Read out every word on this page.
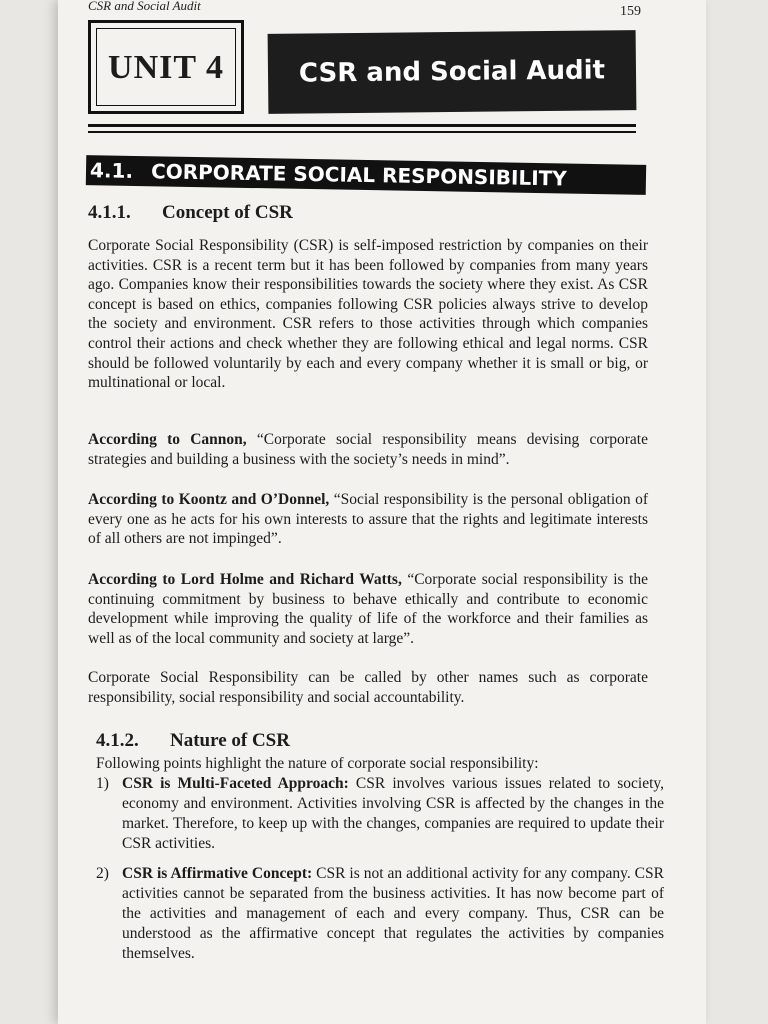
CSR and Social Audit	159
UNIT 4	CSR and Social Audit
4.1. CORPORATE SOCIAL RESPONSIBILITY
4.1.1. Concept of CSR

Corporate Social Responsibility (CSR) is self-imposed restriction by companies on their activities. CSR is a recent term but it has been followed by companies from many years ago. Companies know their responsibilities towards the society where they exist. As CSR concept is based on ethics, companies following CSR policies always strive to develop the society and environment. CSR refers to those activities through which companies control their actions and check whether they are following ethical and legal norms. CSR should be followed voluntarily by each and every company whether it is small or big, or multinational or local.

According to Cannon, “Corporate social responsibility means devising corporate strategies and building a business with the society’s needs in mind”.

According to Koontz and O’Donnel, “Social responsibility is the personal obligation of every one as he acts for his own interests to assure that the rights and legitimate interests of all others are not impinged”.

According to Lord Holme and Richard Watts, “Corporate social responsibility is the continuing commitment by business to behave ethically and contribute to economic development while improving the quality of life of the workforce and their families as well as of the local community and society at large”.

Corporate Social Responsibility can be called by other names such as corporate responsibility, social responsibility and social accountability.

4.1.2. Nature of CSR

Following points highlight the nature of corporate social responsibility:

1) CSR is Multi-Faceted Approach: CSR involves various issues related to society, economy and environment. Activities involving CSR is affected by the changes in the market. Therefore, to keep up with the changes, companies are required to update their CSR activities.
2) CSR is Affirmative Concept: CSR is not an additional activity for any company. CSR activities cannot be separated from the business activities. It has now become part of the activities and management of each and every company. Thus, CSR can be understood as the affirmative concept that regulates the activities by companies themselves.
